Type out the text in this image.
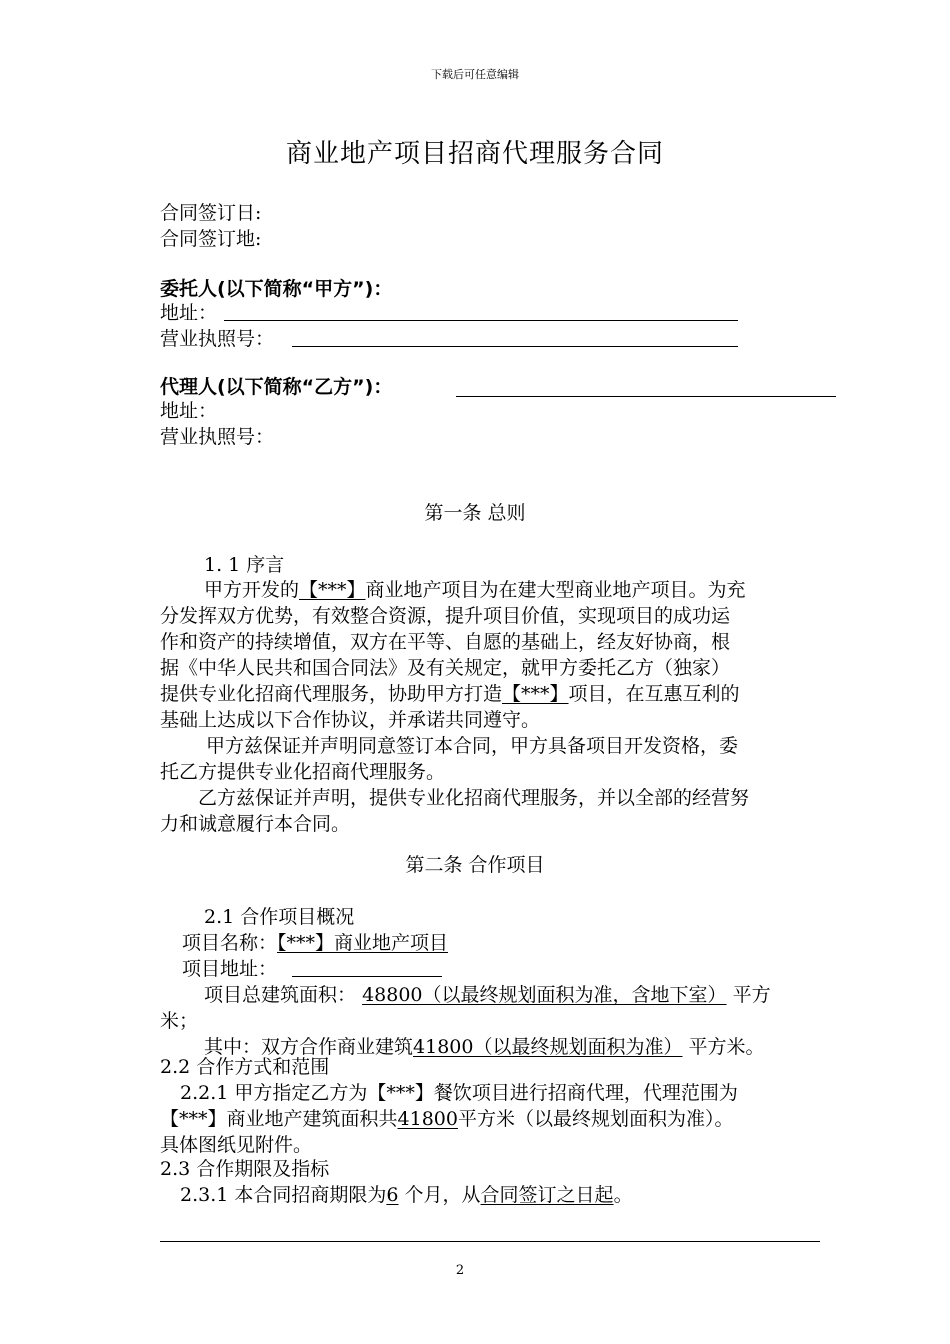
下载后可任意编辑
商业地产项目招商代理服务合同
合同签订日:
合同签订地:
委托人(以下简称“甲方”)：
地址：
营业执照号：
代理人(以下简称“乙方”)：
地址：
营业执照号：
第一条 总则
1. 1 序言
甲方开发的【***】商业地产项目为在建大型商业地产项目。为充
分发挥双方优势，有效整合资源，提升项目价值，实现项目的成功运
作和资产的持续增值，双方在平等、自愿的基础上，经友好协商，根
据《中华人民共和国合同法》及有关规定，就甲方委托乙方（独家）
提供专业化招商代理服务，协助甲方打造【***】项目，在互惠互利的
基础上达成以下合作协议，并承诺共同遵守。
甲方兹保证并声明同意签订本合同，甲方具备项目开发资格，委
托乙方提供专业化招商代理服务。
乙方兹保证并声明，提供专业化招商代理服务，并以全部的经营努
力和诚意履行本合同。
第二条 合作项目
2.1 合作项目概况
项目名称：【***】商业地产项目
项目地址：
项目总建筑面积： 48800（以最终规划面积为准，含地下室） 平方
米；
其中：双方合作商业建筑41800（以最终规划面积为准） 平方米。
2.2 合作方式和范围
2.2.1 甲方指定乙方为【***】餐饮项目进行招商代理，代理范围为
【***】商业地产建筑面积共41800平方米（以最终规划面积为准）。
具体图纸见附件。
2.3 合作期限及指标
2.3.1 本合同招商期限为6 个月，从合同签订之日起。
2
